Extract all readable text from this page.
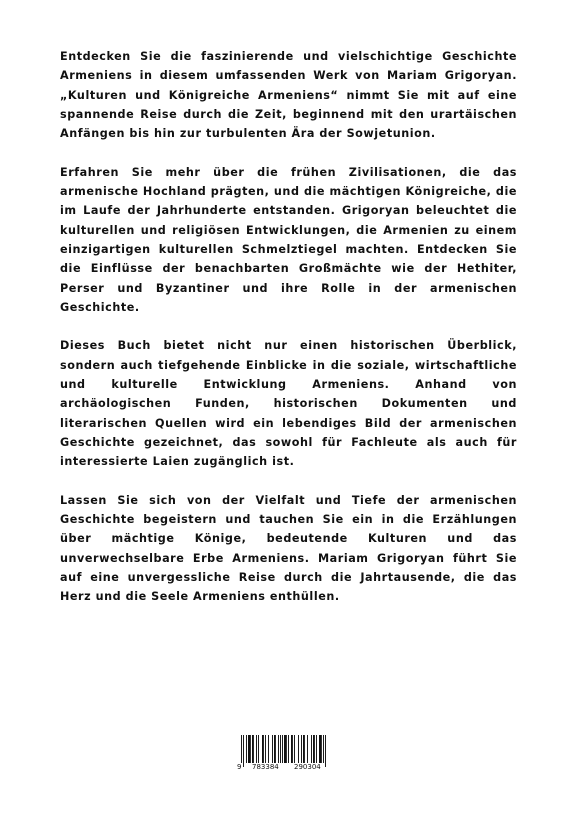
Entdecken Sie die faszinierende und vielschichtige Geschichte Armeniens in diesem umfassenden Werk von Mariam Grigoryan. „Kulturen und Königreiche Armeniens“ nimmt Sie mit auf eine spannende Reise durch die Zeit, beginnend mit den urartäischen Anfängen bis hin zur turbulenten Ära der Sowjetunion.

Erfahren Sie mehr über die frühen Zivilisationen, die das armenische Hochland prägten, und die mächtigen Königreiche, die im Laufe der Jahrhunderte entstanden. Grigoryan beleuchtet die kulturellen und religiösen Entwicklungen, die Armenien zu einem einzigartigen kulturellen Schmelztiegel machten. Entdecken Sie die Einflüsse der benachbarten Großmächte wie der Hethiter, Perser und Byzantiner und ihre Rolle in der armenischen Geschichte.

Dieses Buch bietet nicht nur einen historischen Überblick, sondern auch tiefgehende Einblicke in die soziale, wirtschaftliche und kulturelle Entwicklung Armeniens. Anhand von archäologischen Funden, historischen Dokumenten und literarischen Quellen wird ein lebendiges Bild der armenischen Geschichte gezeichnet, das sowohl für Fachleute als auch für interessierte Laien zugänglich ist.

Lassen Sie sich von der Vielfalt und Tiefe der armenischen Geschichte begeistern und tauchen Sie ein in die Erzählungen über mächtige Könige, bedeutende Kulturen und das unverwechselbare Erbe Armeniens. Mariam Grigoryan führt Sie auf eine unvergessliche Reise durch die Jahrtausende, die das Herz und die Seele Armeniens enthüllen.

9 783384 290304
